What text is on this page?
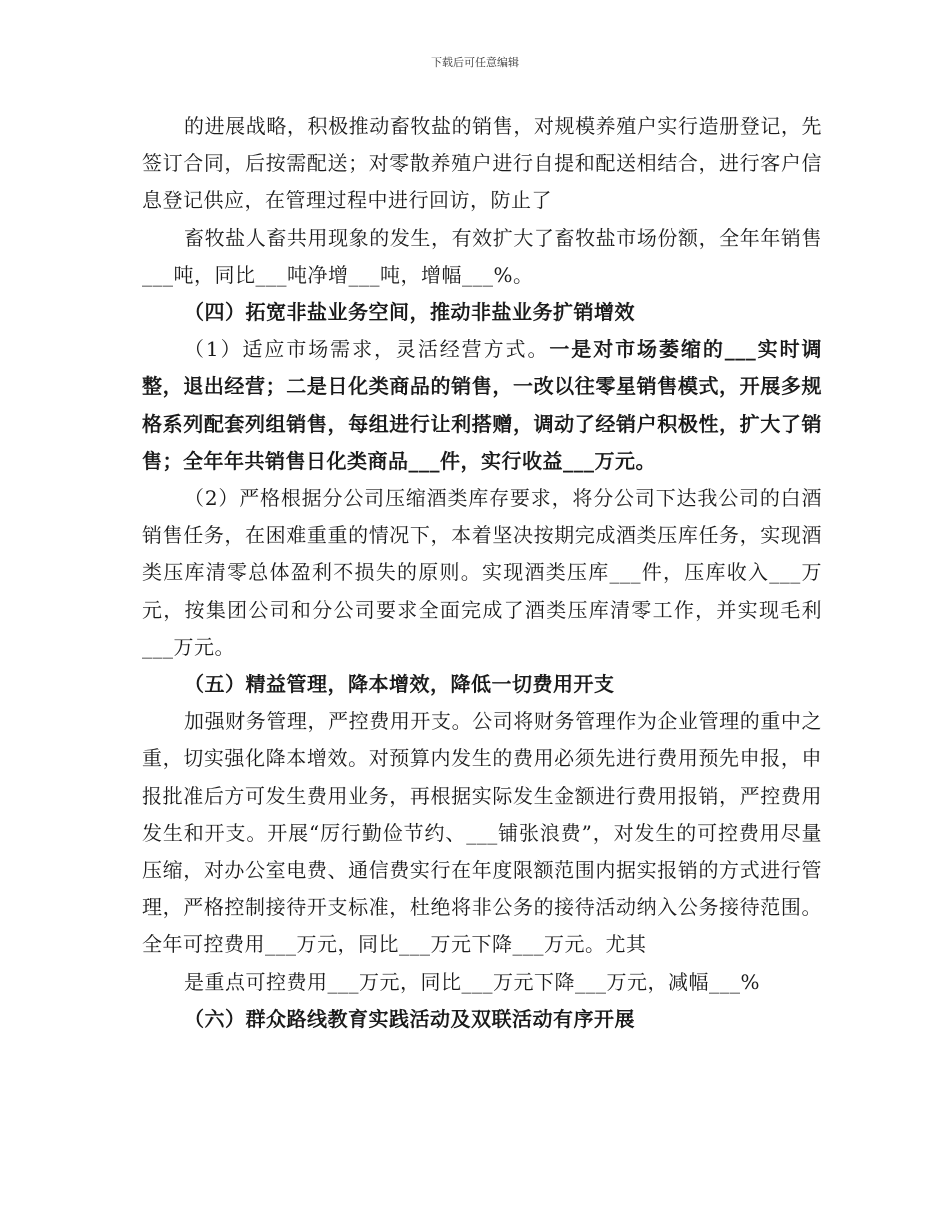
下载后可任意编辑

的进展战略，积极推动畜牧盐的销售，对规模养殖户实行造册登记，先签订合同，后按需配送；对零散养殖户进行自提和配送相结合，进行客户信息登记供应，在管理过程中进行回访，防止了

畜牧盐人畜共用现象的发生，有效扩大了畜牧盐市场份额，全年年销售___吨，同比___吨净增___吨，增幅___%。

（四）拓宽非盐业务空间，推动非盐业务扩销增效

（1）适应市场需求，灵活经营方式。一是对市场萎缩的___实时调整，退出经营；二是日化类商品的销售，一改以往零星销售模式，开展多规格系列配套列组销售，每组进行让利搭赠，调动了经销户积极性，扩大了销售；全年年共销售日化类商品___件，实行收益___万元。

（2）严格根据分公司压缩酒类库存要求，将分公司下达我公司的白酒销售任务，在困难重重的情况下，本着坚决按期完成酒类压库任务，实现酒类压库清零总体盈利不损失的原则。实现酒类压库___件，压库收入___万元，按集团公司和分公司要求全面完成了酒类压库清零工作，并实现毛利___万元。

（五）精益管理，降本增效，降低一切费用开支

加强财务管理，严控费用开支。公司将财务管理作为企业管理的重中之重，切实强化降本增效。对预算内发生的费用必须先进行费用预先申报，申报批准后方可发生费用业务，再根据实际发生金额进行费用报销，严控费用发生和开支。开展“厉行勤俭节约、___铺张浪费”，对发生的可控费用尽量压缩，对办公室电费、通信费实行在年度限额范围内据实报销的方式进行管理，严格控制接待开支标准，杜绝将非公务的接待活动纳入公务接待范围。全年可控费用___万元，同比___万元下降___万元。尤其

是重点可控费用___万元，同比___万元下降___万元，减幅___%

（六）群众路线教育实践活动及双联活动有序开展
